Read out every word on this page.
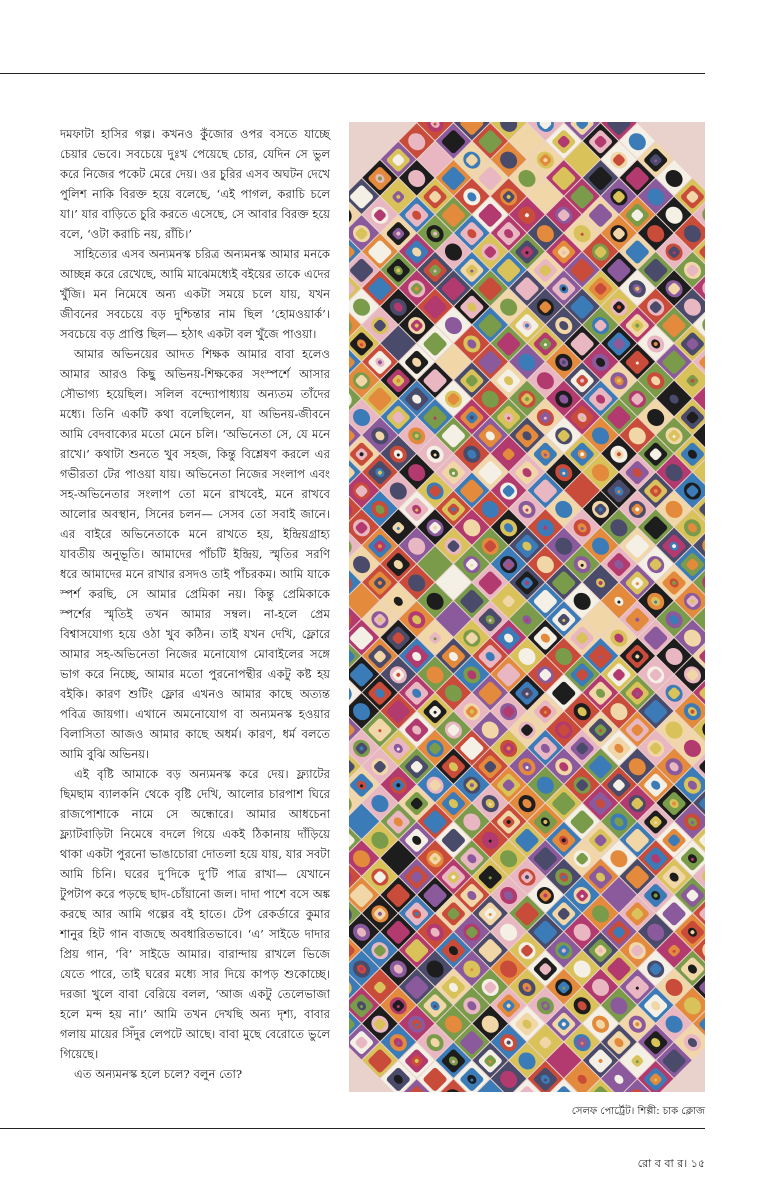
দমফাটা হাসির গল্প। কখনও কুঁজোর ওপর বসতে যাচ্ছে চেয়ার ভেবে। সবচেয়ে দুঃখ পেয়েছে চোর, যেদিন সে ভুল করে নিজের পকেট মেরে দেয়। ওর চুরির এসব অঘটন দেখে পুলিশ নাকি বিরক্ত হয়ে বলেছে, ‘এই পাগল, করাচি চলে যা।’ যার বাড়িতে চুরি করতে এসেছে, সে আবার বিরক্ত হয়ে বলে, ‘ওটা করাচি নয়, রাঁচি।’

সাহিত্যের এসব অন্যমনস্ক চরিত্র অন্যমনস্ক আমার মনকে আচ্ছন্ন করে রেখেছে, আমি মাঝেমধ্যেই বইয়ের তাকে এদের খুঁজি। মন নিমেষে অন্য একটা সময়ে চলে যায়, যখন জীবনের সবচেয়ে বড় দুশ্চিন্তার নাম ছিল ‘হোমওয়ার্ক’। সবচেয়ে বড় প্রাপ্তি ছিল— হঠাৎ একটা বল খুঁজে পাওয়া।

আমার অভিনয়ের আদত শিক্ষক আমার বাবা হলেও আমার আরও কিছু অভিনয়-শিক্ষকের সংস্পর্শে আসার সৌভাগ্য হয়েছিল। সলিল বন্দ্যোপাধ্যায় অন্যতম তাঁদের মধ্যে। তিনি একটি কথা বলেছিলেন, যা অভিনয়-জীবনে আমি বেদবাক্যের মতো মেনে চলি। ‘অভিনেতা সে, যে মনে রাখে।’ কথাটা শুনতে খুব সহজ, কিন্তু বিশ্লেষণ করলে এর গভীরতা টের পাওয়া যায়। অভিনেতা নিজের সংলাপ এবং সহ-অভিনেতার সংলাপ তো মনে রাখবেই, মনে রাখবে আলোর অবস্থান, সিনের চলন— সেসব তো সবাই জানে। এর বাইরে অভিনেতাকে মনে রাখতে হয়, ইন্দ্রিয়গ্রাহ্য যাবতীয় অনুভূতি। আমাদের পাঁচটি ইন্দ্রিয়, স্মৃতির সরণি ধরে আমাদের মনে রাখার রসদও তাই পাঁচরকম। আমি যাকে স্পর্শ করছি, সে আমার প্রেমিকা নয়। কিন্তু প্রেমিকাকে স্পর্শের স্মৃতিই তখন আমার সম্বল। না-হলে প্রেম বিশ্বাসযোগ্য হয়ে ওঠা খুব কঠিন। তাই যখন দেখি, ফ্লোরে আমার সহ-অভিনেতা নিজের মনোযোগ মোবাইলের সঙ্গে ভাগ করে নিচ্ছে, আমার মতো পুরনোপন্থীর একটু কষ্ট হয় বইকি। কারণ শুটিং ফ্লোর এখনও আমার কাছে অত্যন্ত পবিত্র জায়গা। এখানে অমনোযোগ বা অন্যমনস্ক হওয়ার বিলাসিতা আজও আমার কাছে অধর্ম। কারণ, ধর্ম বলতে আমি বুঝি অভিনয়।

এই বৃষ্টি আমাকে বড় অন্যমনস্ক করে দেয়। ফ্ল্যাটের ছিমছাম ব্যালকনি থেকে বৃষ্টি দেখি, আলোর চারপাশ ঘিরে রাজপোশাকে নামে সে অন্ধোরে। আমার আধচেনা ফ্ল্যাটবাড়িটা নিমেষে বদলে গিয়ে একই ঠিকানায় দাঁড়িয়ে থাকা একটা পুরনো ভাঙাচোরা দোতলা হয়ে যায়, যার সবটা আমি চিনি। ঘরের দু’দিকে দু’টি পাত্র রাখা— যেখানে টুপটাপ করে পড়ছে ছাদ-চোঁয়ানো জল। দাদা পাশে বসে অঙ্ক করছে আর আমি গল্পের বই হাতে। টেপ রেকর্ডারে কুমার শানুর হিট গান বাজছে অবধারিতভাবে। ‘এ’ সাইডে দাদার প্রিয় গান, ‘বি’ সাইডে আমার। বারান্দায় রাখলে ভিজে যেতে পারে, তাই ঘরের মধ্যে সার দিয়ে কাপড় শুকোচ্ছে। দরজা খুলে বাবা বেরিয়ে বলল, ‘আজ একটু তেলেভাজা হলে মন্দ হয় না।’ আমি তখন দেখছি অন্য দৃশ্য, বাবার গলায় মায়ের সিঁদুর লেপটে আছে। বাবা মুছে বেরোতে ভুলে গিয়েছে।

এত অন্যমনস্ক হলে চলে? বলুন তো?

সেলফ পোর্ট্রেট। শিল্পী: চাক ক্লোজ
রো ব বা র। ১৫
